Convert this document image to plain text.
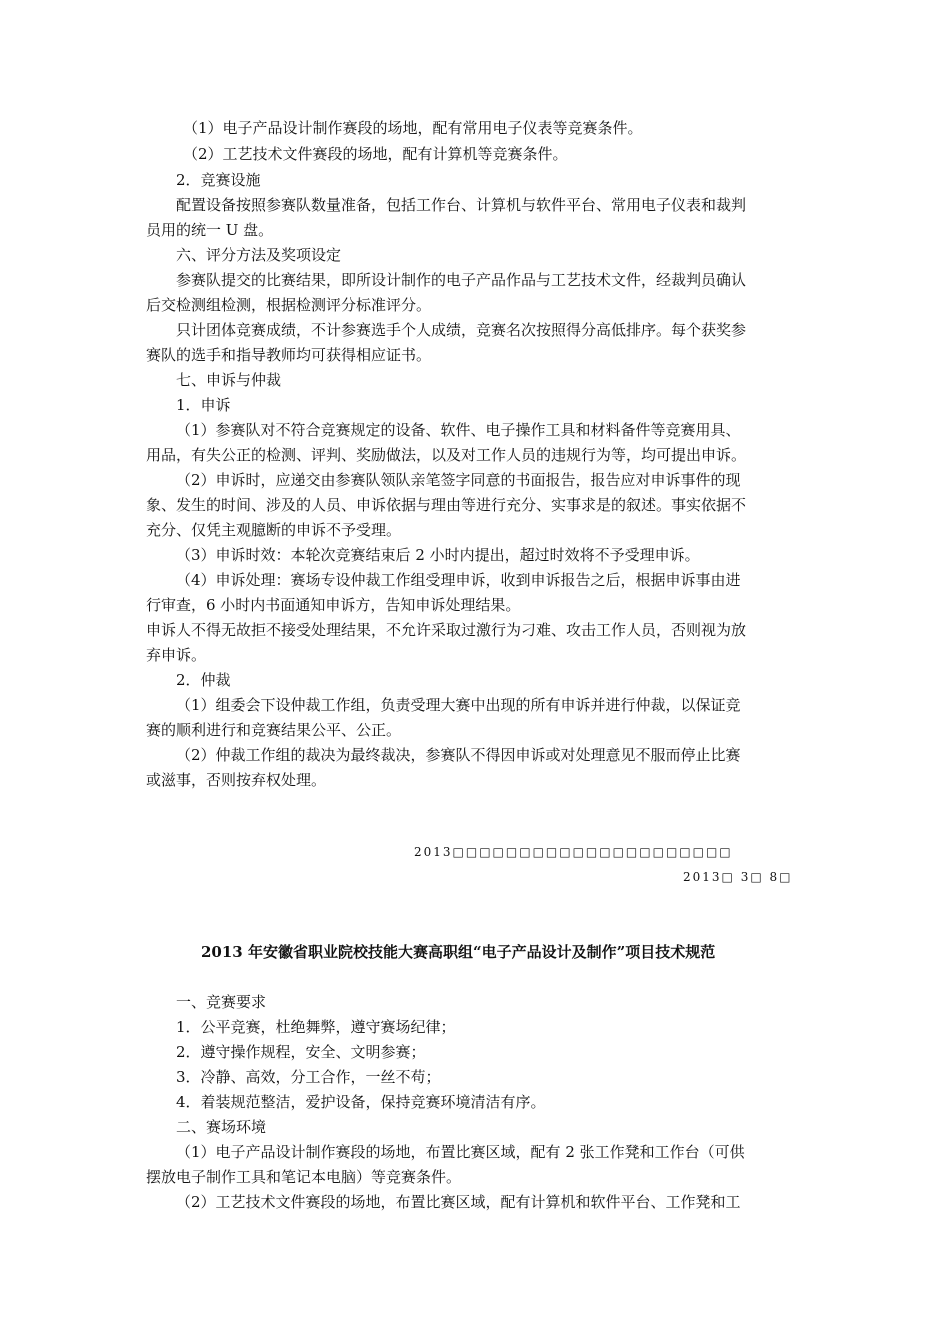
（1）电子产品设计制作赛段的场地，配有常用电子仪表等竞赛条件。
（2）工艺技术文件赛段的场地，配有计算机等竞赛条件。
2．竞赛设施
配置设备按照参赛队数量准备，包括工作台、计算机与软件平台、常用电子仪表和裁判
员用的统一 U 盘。
六、评分方法及奖项设定
参赛队提交的比赛结果，即所设计制作的电子产品作品与工艺技术文件，经裁判员确认
后交检测组检测，根据检测评分标准评分。
只计团体竞赛成绩，不计参赛选手个人成绩，竞赛名次按照得分高低排序。每个获奖参
赛队的选手和指导教师均可获得相应证书。
七、申诉与仲裁
1．申诉
（1）参赛队对不符合竞赛规定的设备、软件、电子操作工具和材料备件等竞赛用具、
用品，有失公正的检测、评判、奖励做法，以及对工作人员的违规行为等，均可提出申诉。
（2）申诉时，应递交由参赛队领队亲笔签字同意的书面报告，报告应对申诉事件的现
象、发生的时间、涉及的人员、申诉依据与理由等进行充分、实事求是的叙述。事实依据不
充分、仅凭主观臆断的申诉不予受理。
（3）申诉时效：本轮次竞赛结束后 2 小时内提出，超过时效将不予受理申诉。
（4）申诉处理：赛场专设仲裁工作组受理申诉，收到申诉报告之后，根据申诉事由进
行审查，6 小时内书面通知申诉方，告知申诉处理结果。
申诉人不得无故拒不接受处理结果，不允许采取过激行为刁难、攻击工作人员，否则视为放
弃申诉。
2．仲裁
（1）组委会下设仲裁工作组，负责受理大赛中出现的所有申诉并进行仲裁，以保证竞
赛的顺利进行和竞赛结果公平、公正。
（2）仲裁工作组的裁决为最终裁决，参赛队不得因申诉或对处理意见不服而停止比赛
或滋事，否则按弃权处理。
2013□□□□□□□□□□□□□□□□□□□□□
2013□ 3□ 8□
2013 年安徽省职业院校技能大赛高职组“电子产品设计及制作”项目技术规范
一、竞赛要求
1．公平竞赛，杜绝舞弊，遵守赛场纪律；
2．遵守操作规程，安全、文明参赛；
3．冷静、高效，分工合作，一丝不苟；
4．着装规范整洁，爱护设备，保持竞赛环境清洁有序。
二、赛场环境
（1）电子产品设计制作赛段的场地，布置比赛区域，配有 2 张工作凳和工作台（可供
摆放电子制作工具和笔记本电脑）等竞赛条件。
（2）工艺技术文件赛段的场地，布置比赛区域，配有计算机和软件平台、工作凳和工
